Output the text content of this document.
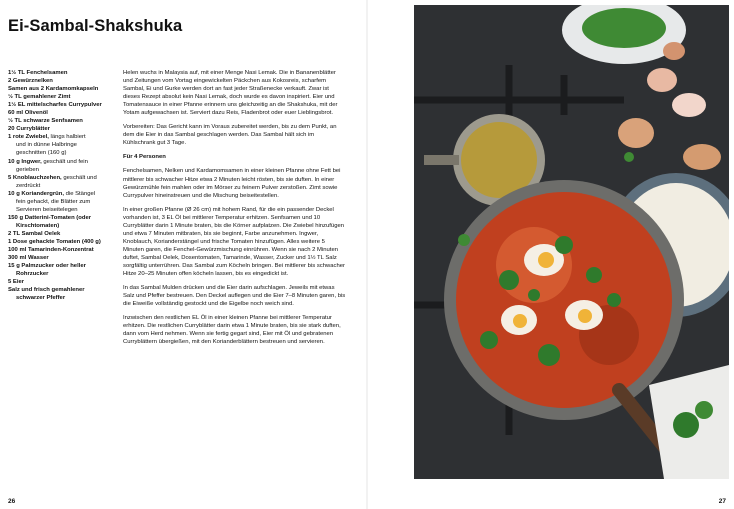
Ei-Sambal-Shakshuka
1½ TL Fenchelsamen
2 Gewürznelken
Samen aus 2 Kardamomkapseln
½ TL gemahlener Zimt
1½ EL mittelscharfes Currypulver
60 ml Olivenöl
½ TL schwarze Senfsamen
20 Curryblätter
1 rote Zwiebel, längs halbiert
und in dünne Halbringe
geschnitten (160 g)
10 g Ingwer, geschält und fein
gerieben
5 Knoblauchzehen, geschält und
zerdrückt
10 g Koriandergrün, die Stängel
fein gehackt, die Blätter zum
Servieren beiseitelegen
150 g Datterini-Tomaten (oder
Kirschtomaten)
2 TL Sambal Oelek
1 Dose gehackte Tomaten (400 g)
100 ml Tamarinden-Konzentrat
300 ml Wasser
15 g Palmzucker oder heller
Rohrzucker
5 Eier
Salz und frisch gemahlener
schwarzer Pfeffer

Helen wuchs in Malaysia auf, mit einer Menge Nasi Lemak. Die in Bananenblätter und Zeitungen vom Vortag eingewickelten Päckchen aus Kokosreis, scharfem Sambal, Ei und Gurke werden dort an fast jeder Straßenecke verkauft. Zwar ist dieses Rezept absolut kein Nasi Lemak, doch wurde es davon inspiriert. Eier und Tomatensauce in einer Pfanne erinnern uns gleichzeitig an die Shakshuka, mit der Yotam aufgewachsen ist. Serviert dazu Reis, Fladenbrot oder euer Lieblingsbrot.

Vorbereiten: Das Gericht kann im Voraus zubereitet werden, bis zu dem Punkt, an dem die Eier in das Sambal geschlagen werden. Das Sambal hält sich im Kühlschrank gut 3 Tage.

Für 4 Personen

Fenchelsamen, Nelken und Kardamomsamen in einer kleinen Pfanne ohne Fett bei mittlerer bis schwacher Hitze etwa 2 Minuten leicht rösten, bis sie duften. In einer Gewürzmühle fein mahlen oder im Mörser zu feinem Pulver zerstoßen. Zimt sowie Currypulver hineinstreuen und die Mischung beiseitestellen.

In einer großen Pfanne (Ø 26 cm) mit hohem Rand, für die ein passender Deckel vorhanden ist, 3 EL Öl bei mittlerer Temperatur erhitzen. Senfsamen und 10 Curryblätter darin 1 Minute braten, bis die Körner aufplatzen. Die Zwiebel hinzufügen und etwa 7 Minuten mitbraten, bis sie beginnt, Farbe anzunehmen. Ingwer, Knoblauch, Korianderstängel und frische Tomaten hinzufügen. Alles weitere 5 Minuten garen, die Fenchel-Gewürzmischung einrühren. Wenn sie nach 2 Minuten duftet, Sambal Oelek, Dosentomaten, Tamarinde, Wasser, Zucker und 1½ TL Salz sorgfältig unterrühren. Das Sambal zum Köcheln bringen. Bei mittlerer bis schwacher Hitze 20–25 Minuten offen köcheln lassen, bis es eingedickt ist.

In das Sambal Mulden drücken und die Eier darin aufschlagen. Jeweils mit etwas Salz und Pfeffer bestreuen. Den Deckel auflegen und die Eier 7–8 Minuten garen, bis die Eiweiße vollständig gestockt und die Eigelbe noch weich sind.

Inzwischen den restlichen EL Öl in einer kleinen Pfanne bei mittlerer Temperatur erhitzen. Die restlichen Curryblätter darin etwa 1 Minute braten, bis sie stark duften, dann vom Herd nehmen. Wenn sie fertig gegart sind, Eier mit Öl und gebratenen Curryblättern übergießen, mit den Korianderblättern bestreuen und servieren.

26	27
